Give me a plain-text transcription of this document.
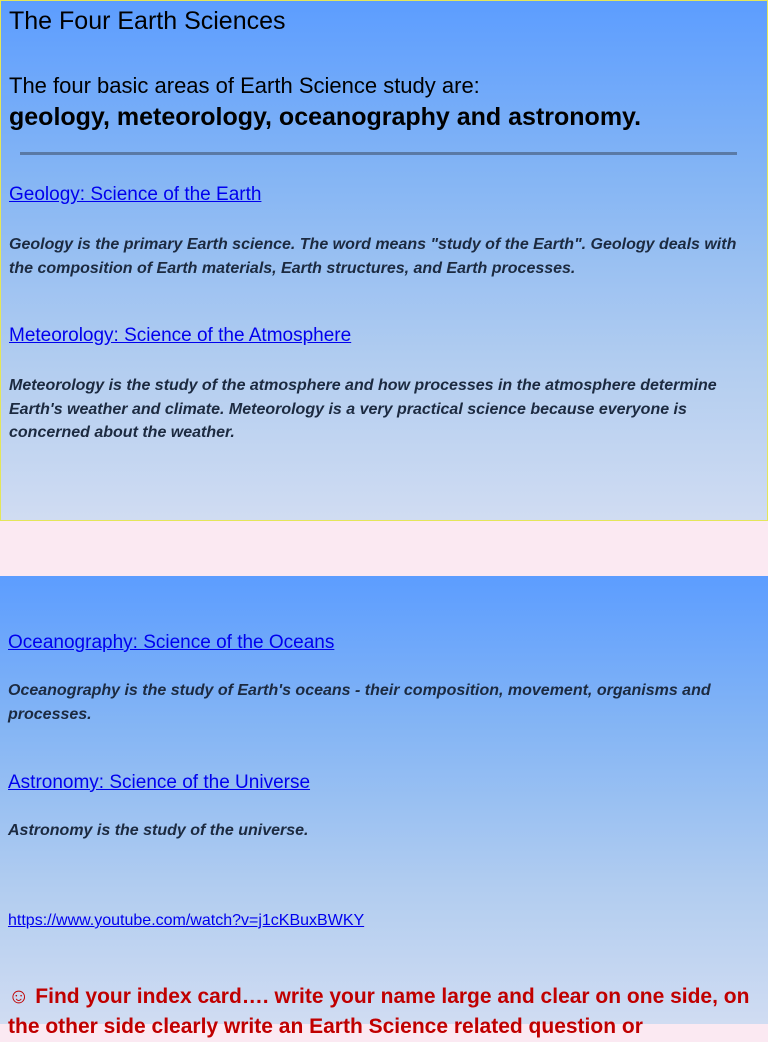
The Four Earth Sciences

The four basic areas of Earth Science study are:

geology, meteorology, oceanography and astronomy.

Geology: Science of the Earth

Geology is the primary Earth science. The word means "study of the Earth". Geology deals with the composition of Earth materials, Earth structures, and Earth processes.

Meteorology: Science of the Atmosphere

Meteorology is the study of the atmosphere and how processes in the atmosphere determine Earth's weather and climate. Meteorology is a very practical science because everyone is concerned about the weather.

Oceanography: Science of the Oceans

Oceanography is the study of Earth's oceans - their composition, movement, organisms and processes.

Astronomy: Science of the Universe

Astronomy is the study of the universe.

https://www.youtube.com/watch?v=j1cKBuxBWKY

☺ Find your index card…. write your name large and clear on one side, on the other side clearly write an Earth Science related question or
